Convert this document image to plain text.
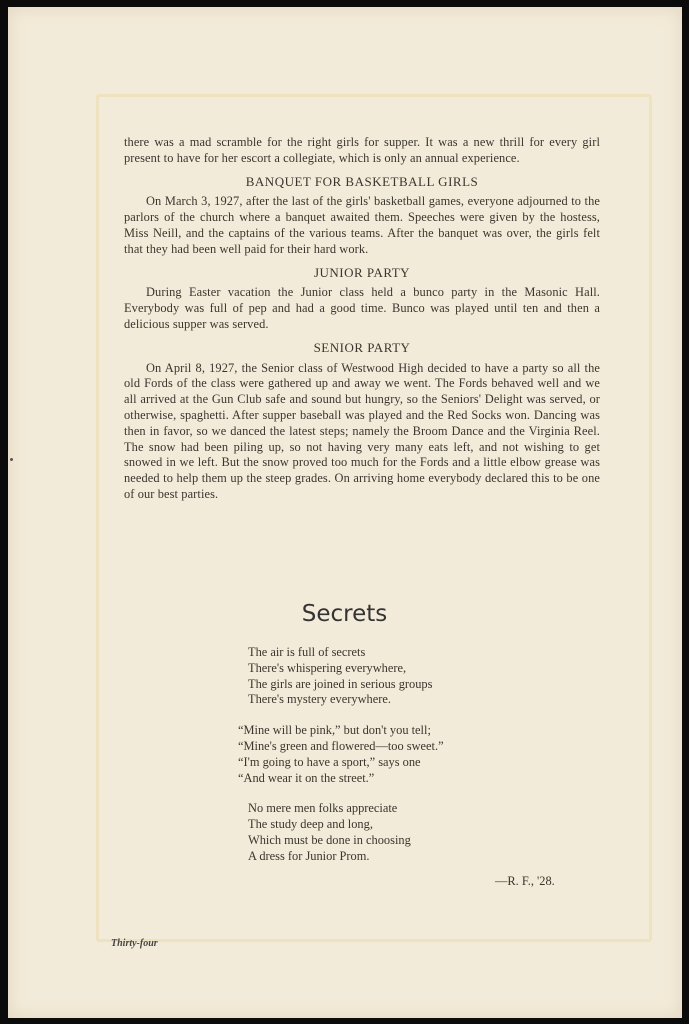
there was a mad scramble for the right girls for supper. It was a new thrill for every girl present to have for her escort a collegiate, which is only an annual experience.

BANQUET FOR BASKETBALL GIRLS

On March 3, 1927, after the last of the girls' basketball games, everyone adjourned to the parlors of the church where a banquet awaited them. Speeches were given by the hostess, Miss Neill, and the captains of the various teams. After the banquet was over, the girls felt that they had been well paid for their hard work.

JUNIOR PARTY

During Easter vacation the Junior class held a bunco party in the Masonic Hall. Everybody was full of pep and had a good time. Bunco was played until ten and then a delicious supper was served.

SENIOR PARTY

On April 8, 1927, the Senior class of Westwood High decided to have a party so all the old Fords of the class were gathered up and away we went. The Fords behaved well and we all arrived at the Gun Club safe and sound but hungry, so the Seniors' Delight was served, or otherwise, spaghetti. After supper baseball was played and the Red Socks won. Dancing was then in favor, so we danced the latest steps; namely the Broom Dance and the Virginia Reel. The snow had been piling up, so not having very many eats left, and not wishing to get snowed in we left. But the snow proved too much for the Fords and a little elbow grease was needed to help them up the steep grades. On arriving home everybody declared this to be one of our best parties.

Secrets
The air is full of secrets
There's whispering everywhere,
The girls are joined in serious groups
There's mystery everywhere.
“Mine will be pink,” but don't you tell;
“Mine's green and flowered—too sweet.”
“I'm going to have a sport,” says one
“And wear it on the street.”
No mere men folks appreciate
The study deep and long,
Which must be done in choosing
A dress for Junior Prom.
—R. F., '28.
Thirty-four
